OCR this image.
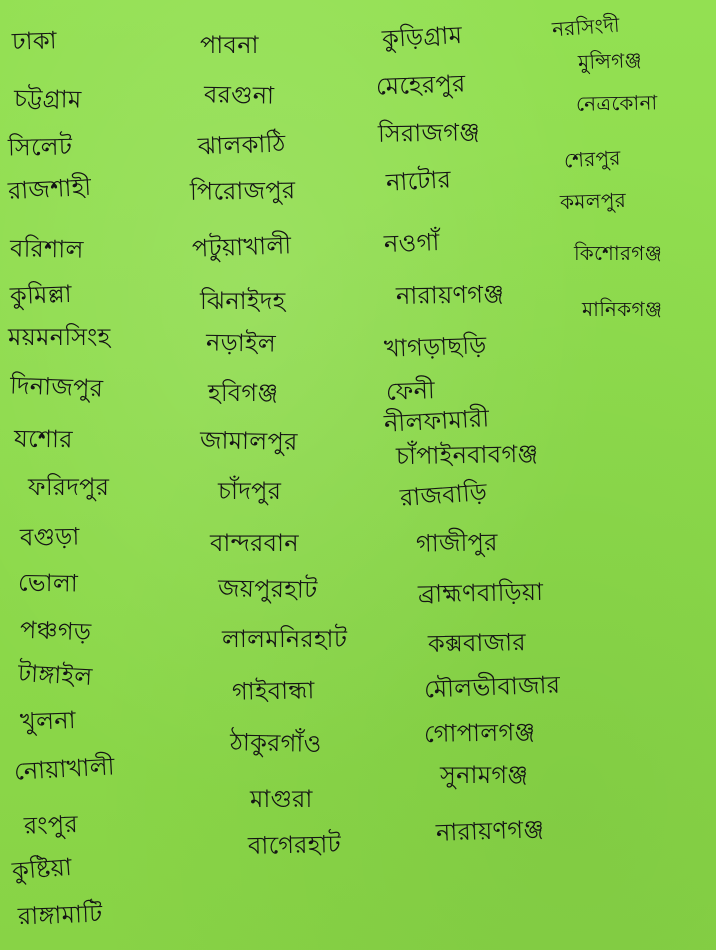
ঢাকা
চট্টগ্রাম
সিলেট
রাজশাহী
বরিশাল
কুমিল্লা
ময়মনসিংহ
দিনাজপুর
যশোর
ফরিদপুর
বগুড়া
ভোলা
পঞ্চগড়
টাঙ্গাইল
খুলনা
নোয়াখালী
রংপুর
কুষ্টিয়া
রাঙ্গামাটি
পাবনা
বরগুনা
ঝালকাঠি
পিরোজপুর
পটুয়াখালী
ঝিনাইদহ
নড়াইল
হবিগঞ্জ
জামালপুর
চাঁদপুর
বান্দরবান
জয়পুরহাট
লালমনিরহাট
গাইবান্ধা
ঠাকুরগাঁও
মাগুরা
বাগেরহাট
কুড়িগ্রাম
মেহেরপুর
সিরাজগঞ্জ
নাটোর
নওগাঁ
নারায়ণগঞ্জ
খাগড়াছড়ি
ফেনী
নীলফামারী
চাঁপাইনবাবগঞ্জ
রাজবাড়ি
গাজীপুর
ব্রাহ্মণবাড়িয়া
কক্সবাজার
মৌলভীবাজার
গোপালগঞ্জ
সুনামগঞ্জ
নারায়ণগঞ্জ
নরসিংদী
মুন্সিগঞ্জ
নেত্রকোনা
শেরপুর
কমলপুর
কিশোরগঞ্জ
মানিকগঞ্জ
